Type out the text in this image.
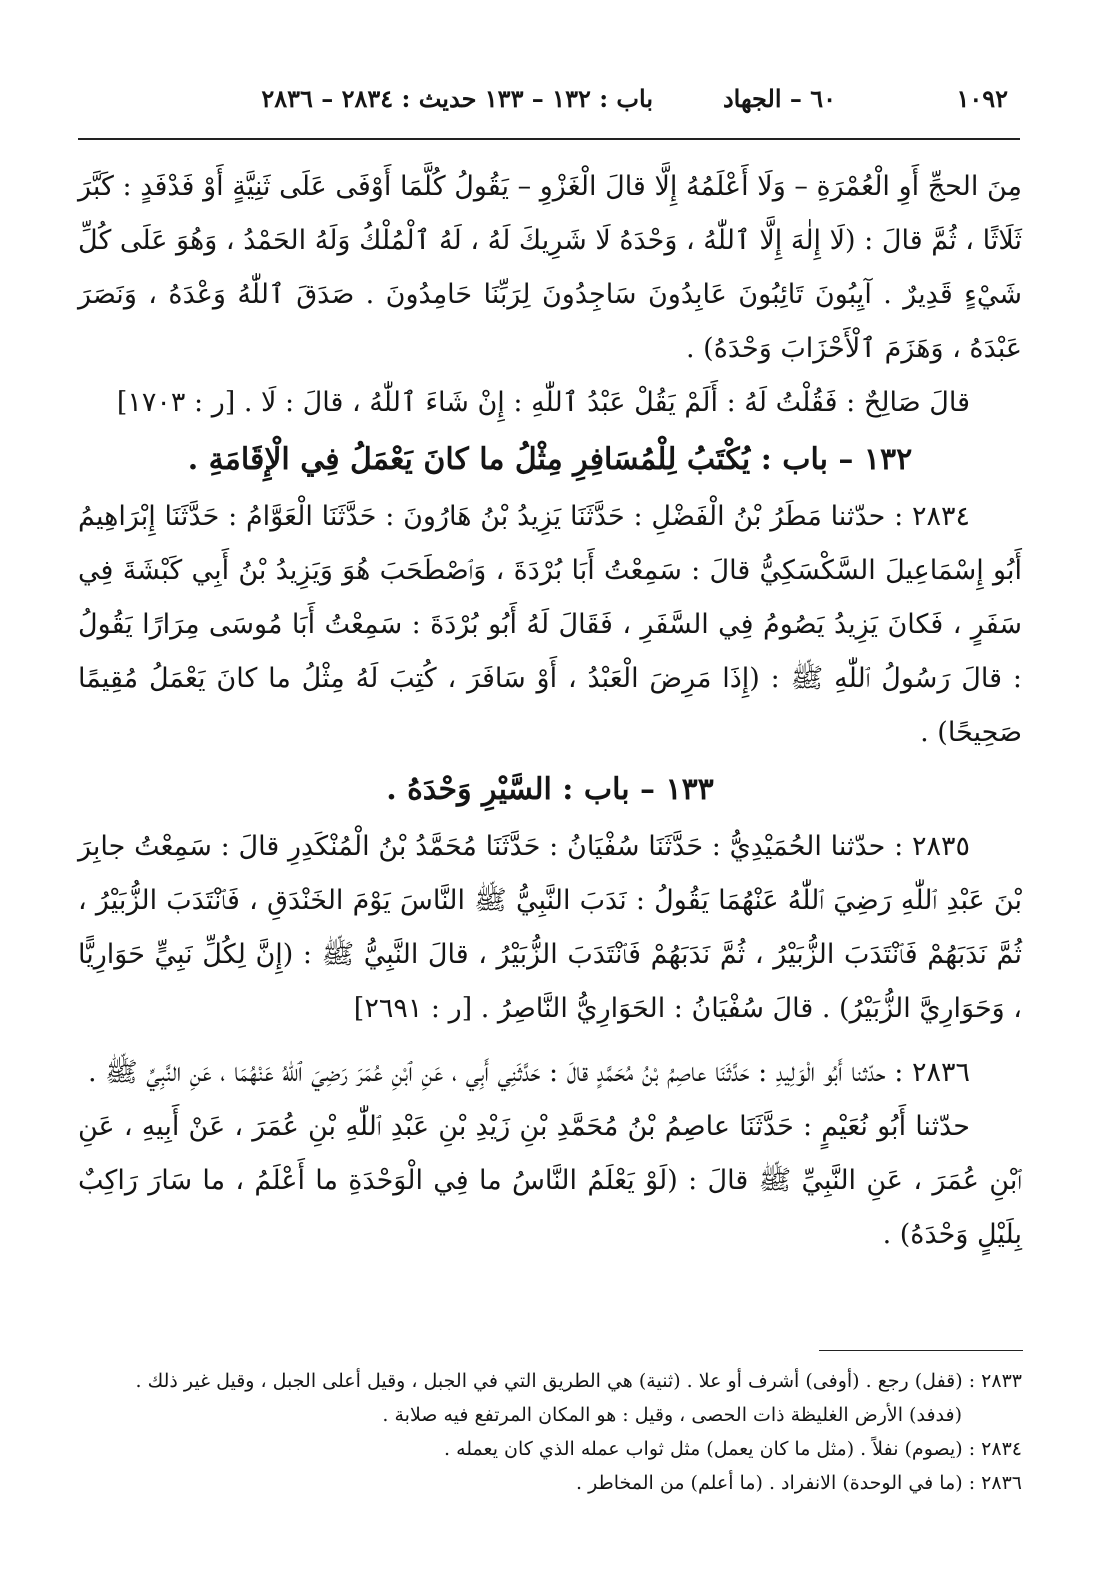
١٠٩٢
٦٠ – الجهاد
باب : ١٣٢ – ١٣٣ حديث : ٢٨٣٤ – ٢٨٣٦

مِنَ الحجِّ أَوِ الْعُمْرَةِ – وَلَا أَعْلَمُهُ إِلَّا قالَ الْغَزْوِ – يَقُولُ كُلَّمَا أَوْفَى عَلَى ثَنِيَّةٍ أَوْ فَدْفَدٍ : كَبَّرَ ثَلَاثًا ، ثُمَّ قالَ : (لَا إِلٰهَ إِلَّا ٱللّٰهُ ، وَحْدَهُ لَا شَرِيكَ لَهُ ، لَهُ ٱلْمُلْكُ وَلَهُ الحَمْدُ ، وَهُوَ عَلَى كُلِّ شَيْءٍ قَدِيرٌ . آيِبُونَ تَائِبُونَ عَابِدُونَ سَاجِدُونَ لِرَبِّنَا حَامِدُونَ . صَدَقَ ٱللّٰهُ وَعْدَهُ ، وَنَصَرَ عَبْدَهُ ، وَهَزَمَ ٱلْأَحْزَابَ وَحْدَهُ) .

قالَ صَالِحٌ : فَقُلْتُ لَهُ : أَلَمْ يَقُلْ عَبْدُ ٱللّٰهِ : إِنْ شَاءَ ٱللّٰهُ ، قالَ : لَا . [ر : ١٧٠٣]

١٣٢ – باب : يُكْتَبُ لِلْمُسَافِرِ مِثْلُ ما كانَ يَعْمَلُ فِي الْإِقَامَةِ .

٢٨٣٤ : حدّثنا مَطَرُ بْنُ الْفَضْلِ : حَدَّثَنَا يَزِيدُ بْنُ هَارُونَ : حَدَّثَنَا الْعَوَّامُ : حَدَّثَنَا إِبْرَاهِيمُ أَبُو إِسْمَاعِيلَ السَّكْسَكِيُّ قالَ : سَمِعْتُ أَبَا بُرْدَةَ ، وَٱصْطَحَبَ هُوَ وَيَزِيدُ بْنُ أَبِي كَبْشَةَ فِي سَفَرٍ ، فَكانَ يَزِيدُ يَصُومُ فِي السَّفَرِ ، فَقَالَ لَهُ أَبُو بُرْدَةَ : سَمِعْتُ أَبَا مُوسَى مِرَارًا يَقُولُ : قالَ رَسُولُ ٱللّٰهِ ﷺ : (إِذَا مَرِضَ الْعَبْدُ ، أَوْ سَافَرَ ، كُتِبَ لَهُ مِثْلُ ما كانَ يَعْمَلُ مُقِيمًا صَحِيحًا) .

١٣٣ – باب : السَّيْرِ وَحْدَهُ .

٢٨٣٥ : حدّثنا الحُمَيْدِيُّ : حَدَّثَنَا سُفْيَانُ : حَدَّثَنَا مُحَمَّدُ بْنُ الْمُنْكَدِرِ قالَ : سَمِعْتُ جابِرَ بْنَ عَبْدِ ٱللّٰهِ رَضِيَ ٱللّٰهُ عَنْهُمَا يَقُولُ : نَدَبَ النَّبِيُّ ﷺ النَّاسَ يَوْمَ الخَنْدَقِ ، فَٱنْتَدَبَ الزُّبَيْرُ ، ثُمَّ نَدَبَهُمْ فَٱنْتَدَبَ الزُّبَيْرُ ، ثُمَّ نَدَبَهُمْ فَٱنْتَدَبَ الزُّبَيْرُ ، قالَ النَّبِيُّ ﷺ : (إِنَّ لِكُلِّ نَبِيٍّ حَوَارِيًّا ، وَحَوَارِيَّ الزُّبَيْرُ) . قالَ سُفْيَانُ : الحَوَارِيُّ النَّاصِرُ . [ر : ٢٦٩١]

٢٨٣٦ : حدّثنا أَبُو الْوَلِيدِ : حَدَّثَنَا عاصِمُ بْنُ مُحَمَّدٍ قالَ : حَدَّثَنِي أَبِي ، عَنِ ٱبْنِ عُمَرَ رَضِيَ ٱللّٰهُ عَنْهُمَا ، عَنِ النَّبِيِّ ﷺ .

حدّثنا أَبُو نُعَيْمٍ : حَدَّثَنَا عاصِمُ بْنُ مُحَمَّدِ بْنِ زَيْدِ بْنِ عَبْدِ ٱللّٰهِ بْنِ عُمَرَ ، عَنْ أَبِيهِ ، عَنِ ٱبْنِ عُمَرَ ، عَنِ النَّبِيِّ ﷺ قالَ : (لَوْ يَعْلَمُ النَّاسُ ما فِي الْوَحْدَةِ ما أَعْلَمُ ، ما سَارَ رَاكِبٌ بِلَيْلٍ وَحْدَهُ) .

٢٨٣٣ : (قفل) رجع . (أوفى) أشرف أو علا . (ثنية) هي الطريق التي في الجبل ، وقيل أعلى الجبل ، وقيل غير ذلك .

(فدفد) الأرض الغليظة ذات الحصى ، وقيل : هو المكان المرتفع فيه صلابة .

٢٨٣٤ : (يصوم) نفلاً . (مثل ما كان يعمل) مثل ثواب عمله الذي كان يعمله .

٢٨٣٦ : (ما في الوحدة) الانفراد . (ما أعلم) من المخاطر .
